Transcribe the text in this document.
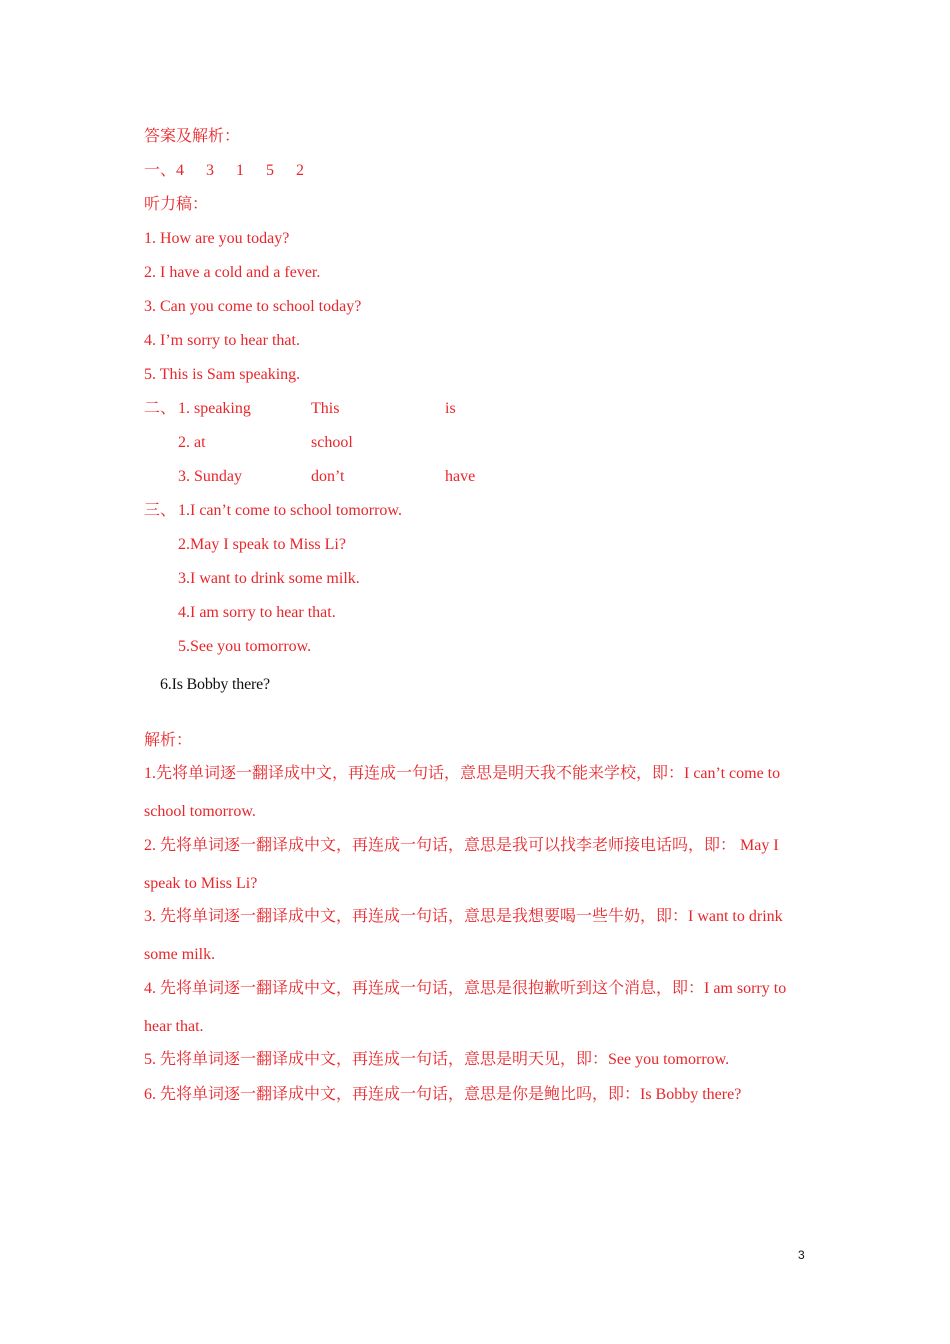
答案及解析：
一、4 3 1 5 2
听力稿：
1. How are you today?
2. I have a cold and a fever.
3. Can you come to school today?
4. I’m sorry to hear that.
5. This is Sam speaking.
二、 1. speaking	This	is
2. at	school
3. Sunday	don’t	have
三、 1.I can’t come to school tomorrow.
2.May I speak to Miss Li?
3.I want to drink some milk.
4.I am sorry to hear that.
5.See you tomorrow.
6.Is Bobby there?
解析：
1.先将单词逐一翻译成中文，再连成一句话，意思是明天我不能来学校，即：I can’t come to
school tomorrow.
2. 先将单词逐一翻译成中文，再连成一句话，意思是我可以找李老师接电话吗，即： May I
speak to Miss Li?
3. 先将单词逐一翻译成中文，再连成一句话，意思是我想要喝一些牛奶，即：I want to drink
some milk.
4. 先将单词逐一翻译成中文，再连成一句话，意思是很抱歉听到这个消息，即：I am sorry to
hear that.
5. 先将单词逐一翻译成中文，再连成一句话，意思是明天见，即：See you tomorrow.
6. 先将单词逐一翻译成中文，再连成一句话，意思是你是鲍比吗，即：Is Bobby there?
3
